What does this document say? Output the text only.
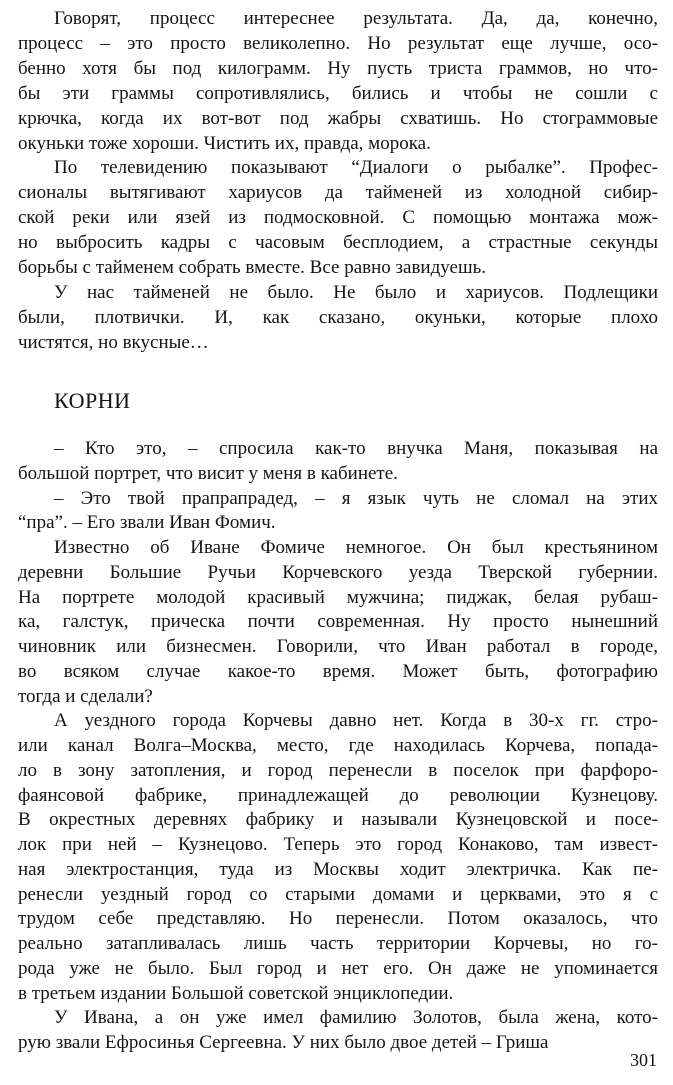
Говорят, процесс интереснее результата. Да, да, конечно,
процесс – это просто великолепно. Но результат еще лучше, осо-
бенно хотя бы под килограмм. Ну пусть триста граммов, но что-
бы эти граммы сопротивлялись, бились и чтобы не сошли с
крючка, когда их вот-вот под жабры схватишь. Но стограммовые
окуньки тоже хороши. Чистить их, правда, морока.
По телевидению показывают “Диалоги о рыбалке”. Профес-
сионалы вытягивают хариусов да таймeней из холодной сибир-
ской реки или язей из подмосковной. С помощью монтажа мож-
но выбросить кадры с часовым бесплодием, а страстные секунды
борьбы с тайменем собрать вместе. Все равно завидуешь.
У нас таймeней не было. Не было и хариусов. Подлещики
были, плотвички. И, как сказано, окуньки, которые плохо
чистятся, но вкусные…
КОРНИ
– Кто это, – спросила как-то внучка Маня, показывая на
большой портрет, что висит у меня в кабинете.
– Это твой прапрапрадед, – я язык чуть не сломал на этих
“пра”. – Его звали Иван Фомич.
Известно об Иване Фомиче немногое. Он был крестьянином
деревни Большие Ручьи Корчевского уезда Тверской губернии.
На портрете молодой красивый мужчина; пиджак, белая рубаш-
ка, галстук, прическа почти современная. Ну просто нынешний
чиновник или бизнесмен. Говорили, что Иван работал в городе,
во всяком случае какое-то время. Может быть, фотографию
тогда и сделали?
А уездного города Корчевы давно нет. Когда в 30-х гг. стро-
или канал Волга–Москва, место, где находилась Корчева, попада-
ло в зону затопления, и город перенесли в поселок при фарфоро-
фаянсовой фабрике, принадлежащей до революции Кузнецову.
В окрестных деревнях фабрику и называли Кузнецовской и посе-
лок при ней – Кузнецово. Теперь это город Конаково, там извест-
ная электростанция, туда из Москвы ходит электричка. Как пе-
ренесли уездный город со старыми домами и церквами, это я с
трудом себе представляю. Но перенесли. Потом оказалось, что
реально затапливалась лишь часть территории Корчевы, но го-
рода уже не было. Был город и нет его. Он даже не упоминается
в третьем издании Большой советской энциклопедии.
У Ивана, а он уже имел фамилию Золотов, была жена, кото-
рую звали Ефросинья Сергеевна. У них было двое детей – Гриша
301
